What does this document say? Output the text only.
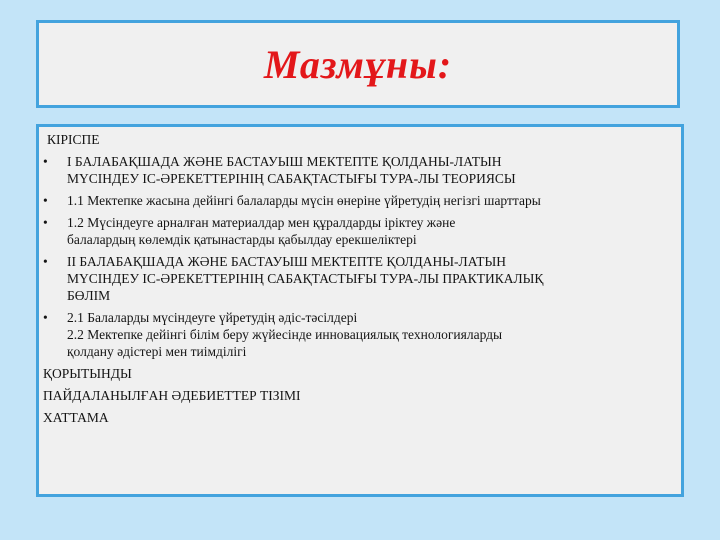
Мазмұны:
КІРІСПЕ
•	І БАЛАБАҚШАДА ЖӘНЕ БАСТАУЫШ МЕКТЕПТЕ ҚОЛДАНЫ-ЛАТЫН
МҮСІНДЕУ ІС-ӘРЕКЕТТЕРІНІҢ САБАҚТАСТЫҒЫ ТУРА-ЛЫ ТЕОРИЯСЫ
•	1.1 Мектепке жасына дейінгі балаларды мүсін өнеріне үйретудің негізгі шарттары
•	1.2 Мүсіндеуге арналған материалдар мен құралдарды іріктеу және
балалардың көлемдік қатынастарды қабылдау ерекшеліктері
•	ІІ БАЛАБАҚШАДА ЖӘНЕ БАСТАУЫШ МЕКТЕПТЕ ҚОЛДАНЫ-ЛАТЫН
МҮСІНДЕУ ІС-ӘРЕКЕТТЕРІНІҢ САБАҚТАСТЫҒЫ ТУРА-ЛЫ ПРАКТИКАЛЫҚ
БӨЛІМ
•	2.1 Балаларды мүсіндеуге үйретудің әдіс-тәсілдері
2.2 Мектепке дейінгі білім беру жүйесінде инновациялық технологияларды
қолдану әдістері мен тиімділігі
ҚОРЫТЫНДЫ
ПАЙДАЛАНЫЛҒАН ӘДЕБИЕТТЕР ТІЗІМІ
ХАТТАМА
